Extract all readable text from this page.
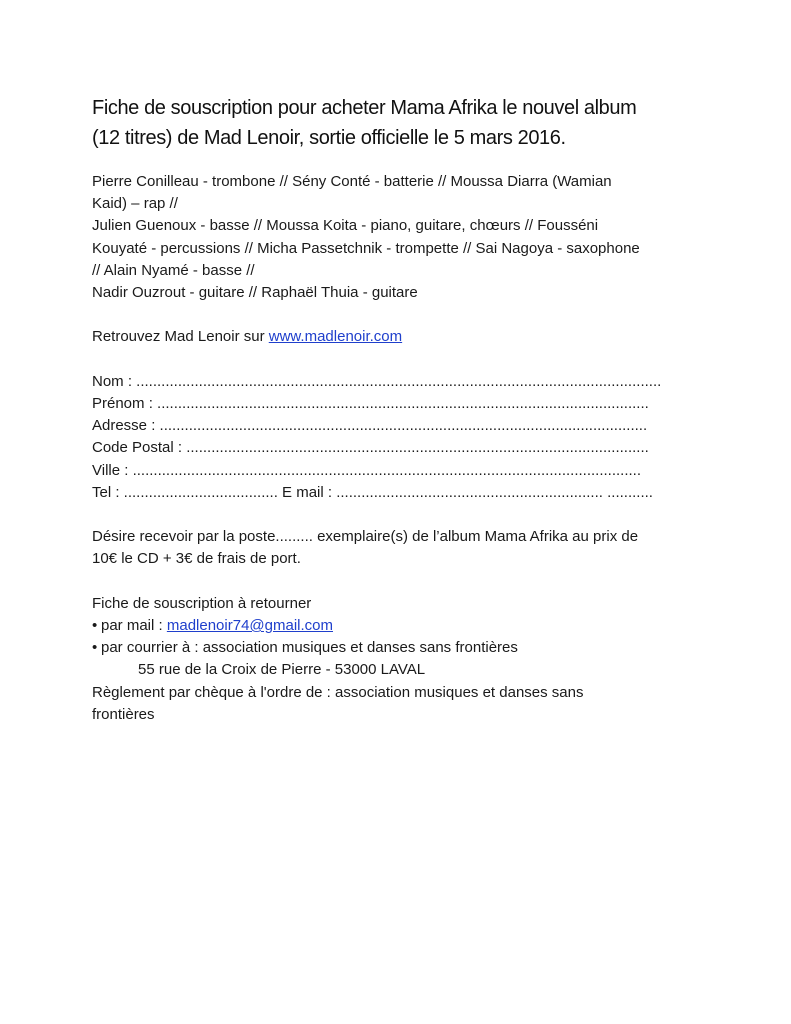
Fiche de souscription pour acheter Mama Afrika le nouvel album
(12 titres) de Mad Lenoir, sortie officielle le 5 mars 2016.
Pierre Conilleau - trombone // Sény Conté - batterie // Moussa Diarra (Wamian
Kaid) – rap //
Julien Guenoux - basse // Moussa Koita - piano, guitare, chœurs // Fousséni
Kouyaté - percussions // Micha Passetchnik - trompette // Sai Nagoya - saxophone
// Alain Nyamé - basse //
Nadir Ouzrout - guitare // Raphaël Thuia - guitare
Retrouvez Mad Lenoir sur www.madlenoir.com
Nom : ..............................................................................................................................
Prénom : ......................................................................................................................
Adresse : .....................................................................................................................
Code Postal : ...............................................................................................................
Ville : ..........................................................................................................................
Tel : ..................................... E mail : ................................................................ ...........
Désire recevoir par la poste......... exemplaire(s) de l’album Mama Afrika au prix de
10€ le CD + 3€ de frais de port.
Fiche de souscription à retourner
• par mail : madlenoir74@gmail.com
• par courrier à : association musiques et danses sans frontières
55 rue de la Croix de Pierre - 53000 LAVAL
Règlement par chèque à l'ordre de : association musiques et danses sans
frontières
